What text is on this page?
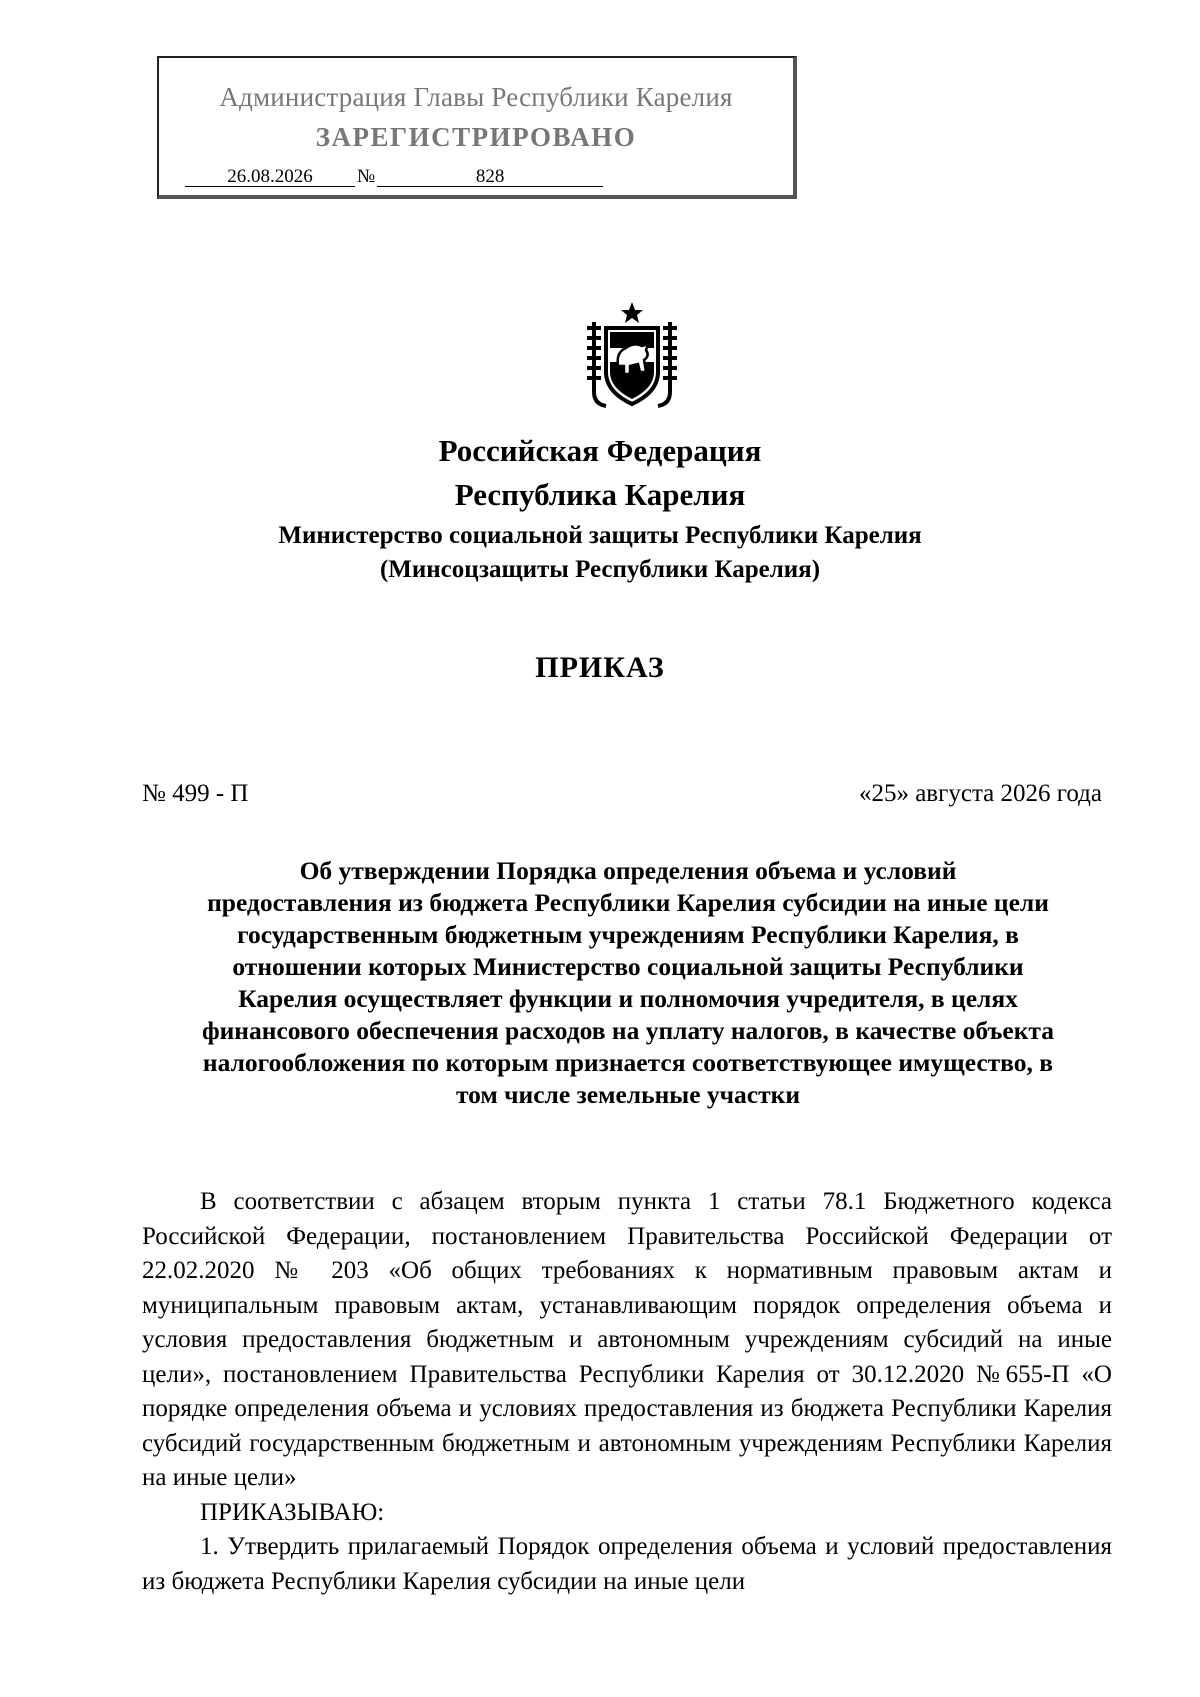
Администрация Главы Республики Карелия
ЗАРЕГИСТРИРОВАНО
26.08.2026 №	828
Российская Федерация
Республика Карелия
Министерство социальной защиты Республики Карелия
(Минсоцзащиты Республики Карелия)
ПРИКАЗ
№ 499 - П	«25» августа 2026 года
Об утверждении Порядка определения объема и условий
предоставления из бюджета Республики Карелия субсидии на иные цели
государственным бюджетным учреждениям Республики Карелия, в
отношении которых Министерство социальной защиты Республики
Карелия осуществляет функции и полномочия учредителя, в целях
финансового обеспечения расходов на уплату налогов, в качестве объекта
налогообложения по которым признается соответствующее имущество, в
том числе земельные участки

В соответствии с абзацем вторым пункта 1 статьи 78.1 Бюджетного кодекса Российской Федерации, постановлением Правительства Российской Федерации от 22.02.2020 № 203 «Об общих требованиях к нормативным правовым актам и муниципальным правовым актам, устанавливающим порядок определения объема и условия предоставления бюджетным и автономным учреждениям субсидий на иные цели», постановлением Правительства Республики Карелия от 30.12.2020 №655-П «О порядке определения объема и условиях предоставления из бюджета Республики Карелия субсидий государственным бюджетным и автономным учреждениям Республики Карелия на иные цели»

ПРИКАЗЫВАЮ:

1. Утвердить прилагаемый Порядок определения объема и условий предоставления из бюджета Республики Карелия субсидии на иные цели
